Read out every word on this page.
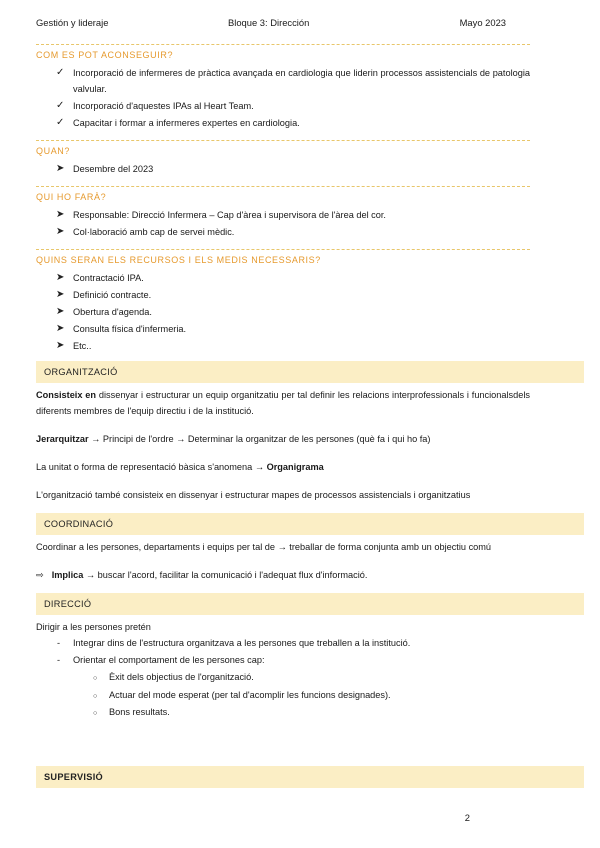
Gestión y lideraje	Bloque 3: Dirección	Mayo 2023
COM ES POT ACONSEGUIR?
✓ Incorporació de infermeres de pràctica avançada en cardiologia que liderin processos assistencials de patologia valvular.
✓ Incorporació d'aquestes IPAs al Heart Team.
✓ Capacitar i formar a infermeres expertes en cardiologia.
QUAN?
➤ Desembre del 2023
QUI HO FARÀ?
➤ Responsable: Direcció Infermera – Cap d'àrea i supervisora de l'àrea del cor.
➤ Col·laboració amb cap de servei mèdic.
QUINS SERAN ELS RECURSOS I ELS MEDIS NECESSARIS?
➤ Contractació IPA.
➤ Definició contracte.
➤ Obertura d'agenda.
➤ Consulta física d'infermeria.
➤ Etc..
ORGANITZACIÓ

Consisteix en dissenyar i estructurar un equip organitzatiu per tal definir les relacions interprofessionals i funcionalsdels diferents membres de l'equip directiu i de la institució.

Jerarquitzar → Principi de l'ordre → Determinar la organitzar de les persones (què fa i qui ho fa)

La unitat o forma de representació bàsica s'anomena → Organigrama

L'organització també consisteix en dissenyar i estructurar mapes de processos assistencials i organitzatius

COORDINACIÓ

Coordinar a les persones, departaments i equips per tal de → treballar de forma conjunta amb un objectiu comú

⇨ Implica → buscar l'acord, facilitar la comunicació i l'adequat flux d'informació.

DIRECCIÓ

Dirigir a les persones pretén

- Integrar dins de l'estructura organitzava a les persones que treballen a la institució.
- Orientar el comportament de les persones cap:
○ Èxit dels objectius de l'organització.
○ Actuar del mode esperat (per tal d'acomplir les funcions designades).
○ Bons resultats.
SUPERVISIÓ
2
